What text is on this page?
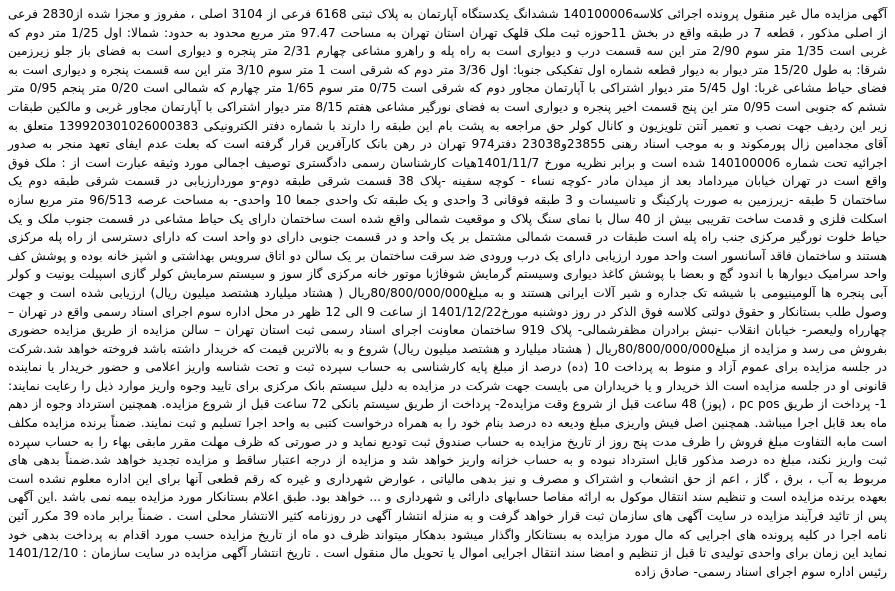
آگهی مزایده مال غیر منقول پرونده اجرائی کلاسه140100006 ششدانگ یکدستگاه آپارتمان به پلاک ثبتی 6168 فرعی از 3104 اصلی ، مفروز و مجزا شده از2830 فرعی از اصلی مذکور ، قطعه 7 در طبقه واقع در بخش 11حوزه ثبت ملک قلهک تهران استان تهران به مساحت 97.47 متر مربع محدود به حدود: شمالا: اول 1/25 متر دوم که غربی است 1/35 متر سوم 2/90 متر این سه قسمت درب و دیواری است به راه پله و راهرو مشاعی چهارم 2/31 متر پنجره و دیواری است به فضای باز جلو زیرزمین شرقا: به طول 15/20 متر دیوار به دیوار قطعه شماره اول تفکیکی جنوبا: اول 3/36 متر دوم که شرقی است 1 متر سوم 3/10 متر این سه قسمت پنجره و دیواری است به فضای حیاط مشاعی غربا: اول 5/45 متر دیوار اشتراکی با آپارتمان مجاور دوم که شرقی است 0/75 متر سوم 1/65 متر چهارم که شمالی است 0/20 متر پنجم 0/95 متر ششم که جنوبی است 0/95 متر این پنج قسمت اخیر پنجره و دیواری است به فضای نورگیر مشاعی هفتم 8/15 متر دیوار اشتراکی با آپارتمان مجاور غربی و مالکین طبقات زیر این ردیف جهت نصب و تعمیر آنتن تلویزیون و کانال کولر حق مراجعه به پشت بام این طبقه را دارند با شماره دفتر الکترونیکی 139920301026000383 متعلق به آقای مجدامین زال پورمکوند و به موجب اسناد رهنی 23855و23038 دفتر974 تهران در رهن بانک کارآفرین قرار گرفته است که بعلت عدم ایفای تعهد منجر به صدور اجرائیه تحت شماره 140100006 شده است و برابر نظریه مورخ 1401/11/7هیات کارشناسان رسمی دادگستری توصیف اجمالی مورد وثیقه عبارت است از : ملک فوق واقع است در تهران خیابان میرداماد بعد از میدان مادر -کوچه نساء - کوچه سفینه -پلاک 38 قسمت شرقی طبقه دوم-و موردارزیابی در قسمت شرقی طبقه دوم یک ساختمان 5 طبقه -زیرزمین به صورت پارکینگ و تاسیسات و 3 طبقه فوقانی 3 واحدی و یک طبقه تک واحدی جمعا 10 واحدی- به مساحت عرصه 96/513 متر مربع سازه اسکلت فلزی و قدمت ساخت تقریبی بیش از 40 سال با نمای سنگ پلاک و موقعیت شمالی واقع شده است ساختمان دارای یک حیاط مشاعی در قسمت جنوب ملک و یک حیاط خلوت نورگیر مرکزی جنب راه پله است طبقات در قسمت شمالی مشتمل بر یک واحد و در قسمت جنوبی دارای دو واحد است که دارای دسترسی از راه پله مرکزی هستند و ساختمان فاقد آسانسور است واحد مورد ارزیابی دارای یک درب ورودی ضد سرقت ساختمان بر یک سالن دو اتاق سرویس بهداشتی و اشپز خانه بوده و پوشش کف واحد سرامیک دیوارها با اندود گچ و بعضا با پوشش کاغذ دیواری وسیستم گرمایش شوفاژبا موتور خانه مرکزی گاز سوز و سیستم سرمایش کولر گازی اسپیلت یونیت و کولر آبی پنجره ها آلومینیومی با شیشه تک جداره و شیر آلات ایرانی هستند و به مبلغ80/800/000/000ریال ( هشتاد میلیارد هشتصد میلیون ریال) ارزیابی شده است و جهت وصول طلب بستانکار و حقوق دولتی کلاسه فوق الذکر در روز دوشنبه مورخ1401/12/22 از ساعت 9 الی 12 ظهر در محل اداره سوم اجرای اسناد رسمی واقع در تهران – چهارراه ولیعصر- خیابان انقلاب -نبش برادران مظفرشمالی- پلاک 919 ساختمان معاونت اجرای اسناد رسمی ثبت استان تهران – سالن مزایده از طریق مزایده حضوری بفروش می رسد و مزایده از مبلغ80/800/000/000ریال ( هشتاد میلیارد و هشتصد میلیون ریال) شروع و به بالاترین قیمت که خریدار داشته باشد فروخته خواهد شد.شرکت در جلسه مزایده برای عموم آزاد و منوط به پرداخت 10 (ده) درصد از مبلغ پایه کارشناسی به حساب سپرده ثبت و تحت شناسه واریز اعلامی و حضور خریدار یا نماینده قانونی او در جلسه مزایده است الذ خریدار و یا خریداران می بایست جهت شرکت در مزایده به دلیل سیستم بانک مرکزی برای تایید وجوه واریز موارد ذیل را رعایت نمایند: 1- پرداخت از طریق pc pos ، (پوز) 48 ساعت قبل از شروع وقت مزایده2- پرداخت از طریق سیستم بانکی 72 ساعت قبل از شروع مزایده. همچنین استرداد وجوه از دهم ماه بعد قابل اجرا میباشد. همچنین اصل فیش واریزی مبلغ ودیعه ده درصد بنام خود را به همراه درخواست کتبی به واحد اجرا تسلیم و ثبت نمایند. ضمناً برنده مزایده مکلف است مابه التفاوت مبلغ فروش را ظرف مدت پنج روز از تاریخ مزایده به حساب صندوق ثبت تودیع نماید و در صورتی که ظرف مهلت مقرر مابقی بهاء را به حساب سپرده ثبت واریز نکند، مبلغ ده درصد مذکور قابل استرداد نبوده و به حساب خزانه واریز خواهد شد و مزایده از درجه اعتبار ساقط و مزایده تجدید خواهد شد.ضمناً بدهی های مربوط به آب ، برق ، گاز ، اعم از حق انشعاب و اشتراک و مصرف و نیز بدهی مالیاتی ، عوارض شهرداری و غیره که رقم قطعی آنها برای این اداره معلوم نشده است بعهده برنده مزایده است و تنظیم سند انتقال موکول به ارائه مفاصا حسابهای دارائی و شهرداری و ... خواهد بود. طبق اعلام بستانکار مورد مزایده بیمه نمی باشد .این آگهی پس از تائید فرآیند مزایده در سایت آگهی های سازمان ثبت قرار خواهد گرفت و به منزله انتشار آگهی در روزنامه کثیر الانتشار محلی است . ضمناً برابر ماده 39 مکرر آئین نامه اجرا در کلیه پرونده های اجرایی که مال مورد مزایده به بستانکار واگذار میشود بدهکار میتواند ظرف دو ماه از تاریخ مزایده حسب مورد اقدام به پرداخت بدهی خود نماید این زمان برای واحدی تولیدی تا قبل از تنظیم و امضا سند انتقال اجرایی اموال یا تحویل مال منقول است . تاریخ انتشار آگهی مزایده در سایت سازمان : 1401/12/10 رئیس اداره سوم اجرای اسناد رسمی- صادق زاده
